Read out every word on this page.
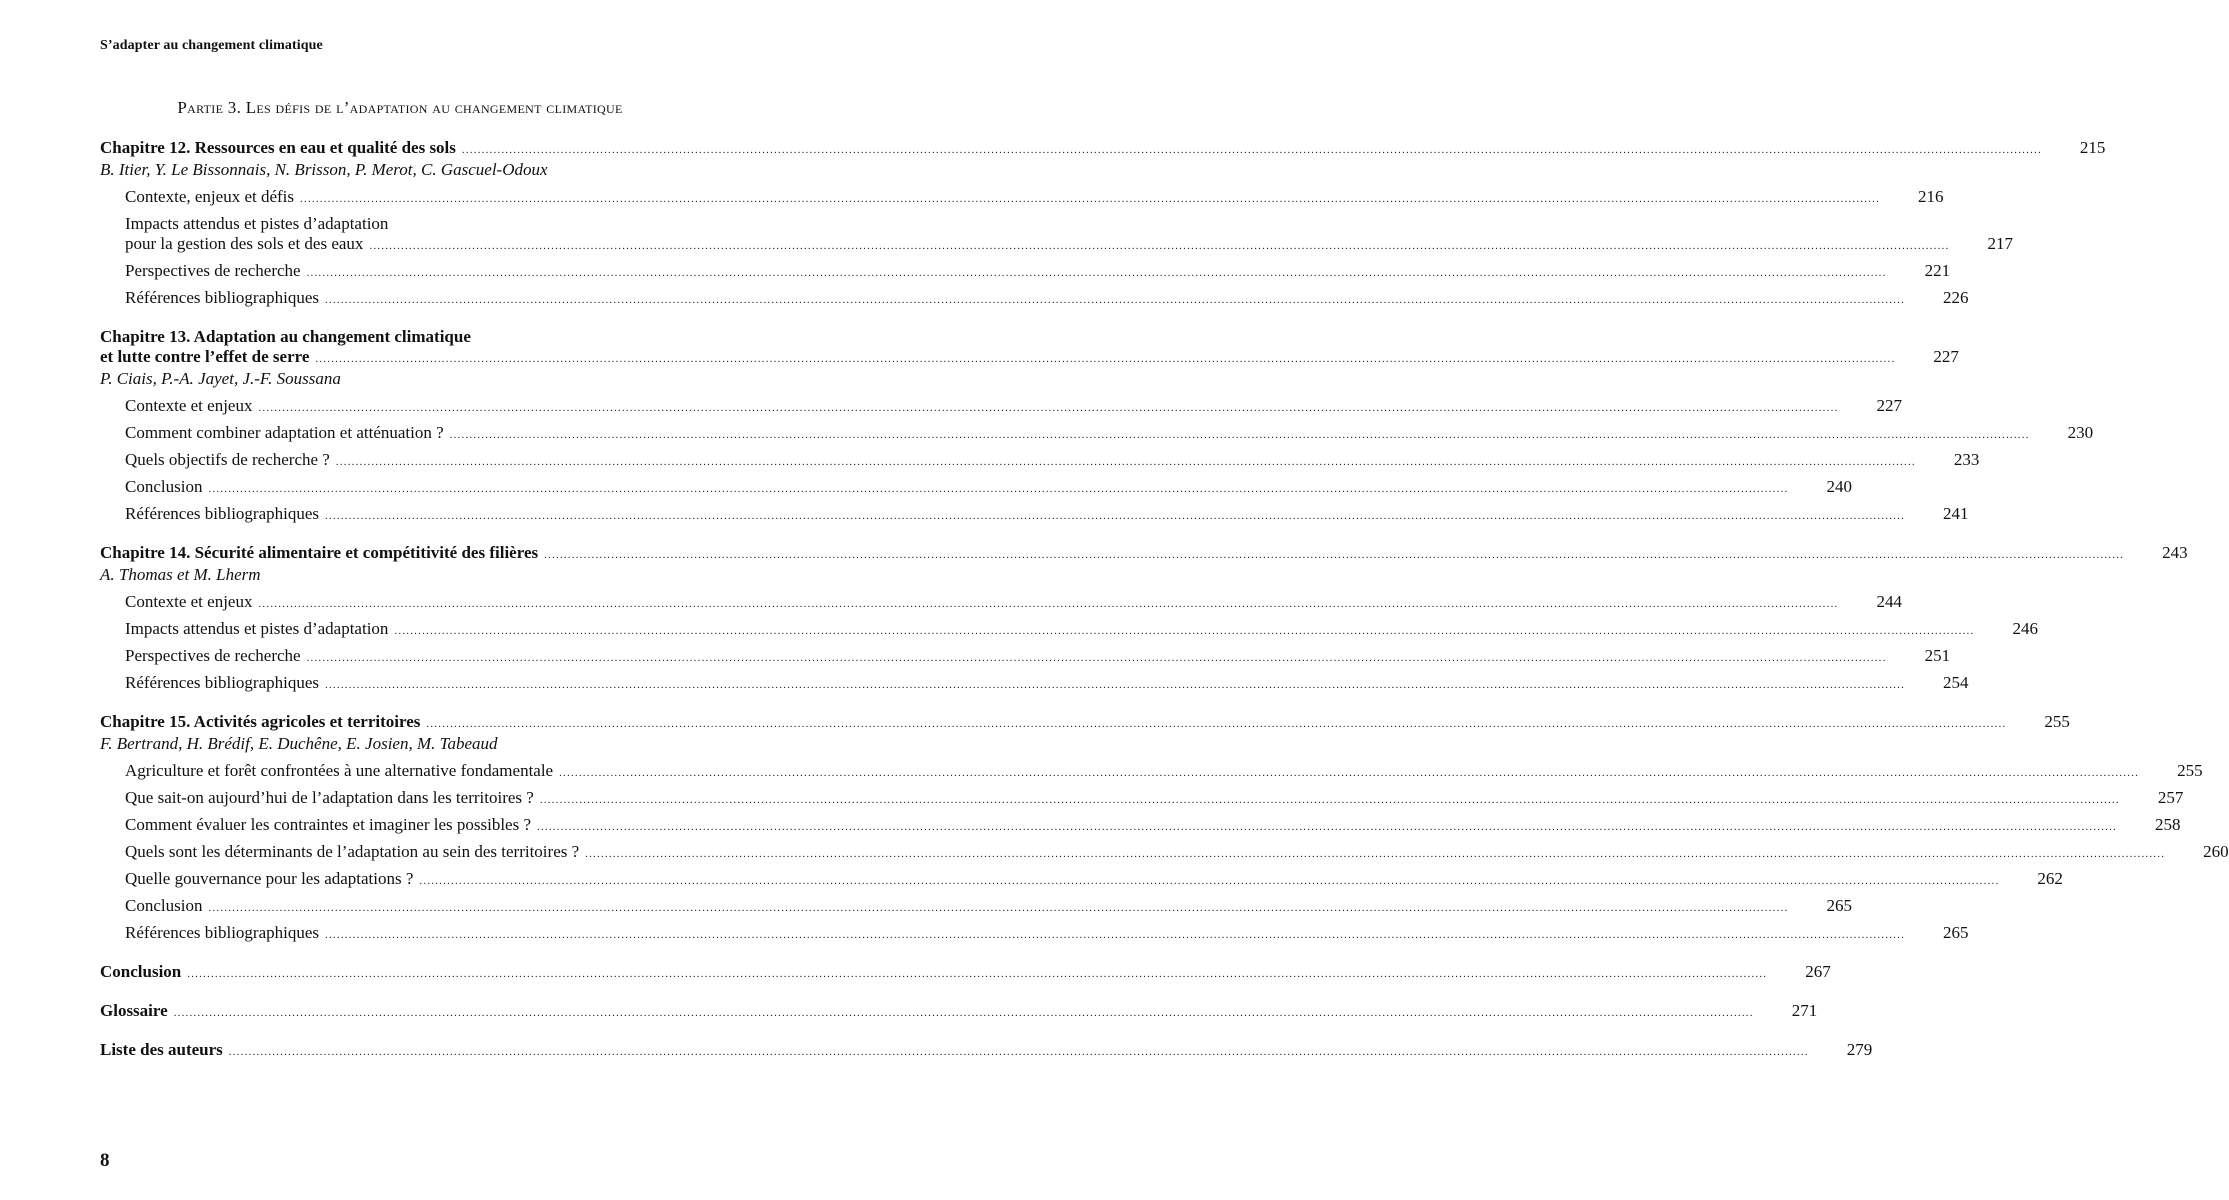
S’adapter au changement climatique
Partie 3. Les défis de l’adaptation au changement climatique
Chapitre 12. Ressources en eau et qualité des sols ................................................................................................................................................................................................................................................................................................................................................................................................................ 215
B. Itier, Y. Le Bissonnais, N. Brisson, P. Merot, C. Gascuel-Odoux
Contexte, enjeux et défis ................................................................................................................................................................................................................................................................................................................................................................................................................ 216
Impacts attendus et pistes d’adaptation
pour la gestion des sols et des eaux ................................................................................................................................................................................................................................................................................................................................................................................................................ 217
Perspectives de recherche ................................................................................................................................................................................................................................................................................................................................................................................................................ 221
Références bibliographiques ................................................................................................................................................................................................................................................................................................................................................................................................................ 226
Chapitre 13. Adaptation au changement climatique
et lutte contre l’effet de serre ................................................................................................................................................................................................................................................................................................................................................................................................................ 227
P. Ciais, P.-A. Jayet, J.-F. Soussana
Contexte et enjeux ................................................................................................................................................................................................................................................................................................................................................................................................................ 227
Comment combiner adaptation et atténuation ? ................................................................................................................................................................................................................................................................................................................................................................................................................ 230
Quels objectifs de recherche ? ................................................................................................................................................................................................................................................................................................................................................................................................................ 233
Conclusion ................................................................................................................................................................................................................................................................................................................................................................................................................ 240
Références bibliographiques ................................................................................................................................................................................................................................................................................................................................................................................................................ 241
Chapitre 14. Sécurité alimentaire et compétitivité des filières ................................................................................................................................................................................................................................................................................................................................................................................................................ 243
A. Thomas et M. Lherm
Contexte et enjeux ................................................................................................................................................................................................................................................................................................................................................................................................................ 244
Impacts attendus et pistes d’adaptation ................................................................................................................................................................................................................................................................................................................................................................................................................ 246
Perspectives de recherche ................................................................................................................................................................................................................................................................................................................................................................................................................ 251
Références bibliographiques ................................................................................................................................................................................................................................................................................................................................................................................................................ 254
Chapitre 15. Activités agricoles et territoires ................................................................................................................................................................................................................................................................................................................................................................................................................ 255
F. Bertrand, H. Brédif, E. Duchêne, E. Josien, M. Tabeaud
Agriculture et forêt confrontées à une alternative fondamentale ................................................................................................................................................................................................................................................................................................................................................................................................................ 255
Que sait-on aujourd’hui de l’adaptation dans les territoires ? ................................................................................................................................................................................................................................................................................................................................................................................................................ 257
Comment évaluer les contraintes et imaginer les possibles ? ................................................................................................................................................................................................................................................................................................................................................................................................................ 258
Quels sont les déterminants de l’adaptation au sein des territoires ? ................................................................................................................................................................................................................................................................................................................................................................................................................ 260
Quelle gouvernance pour les adaptations ? ................................................................................................................................................................................................................................................................................................................................................................................................................ 262
Conclusion ................................................................................................................................................................................................................................................................................................................................................................................................................ 265
Références bibliographiques ................................................................................................................................................................................................................................................................................................................................................................................................................ 265
Conclusion ................................................................................................................................................................................................................................................................................................................................................................................................................ 267
Glossaire ................................................................................................................................................................................................................................................................................................................................................................................................................ 271
Liste des auteurs ................................................................................................................................................................................................................................................................................................................................................................................................................ 279
8
